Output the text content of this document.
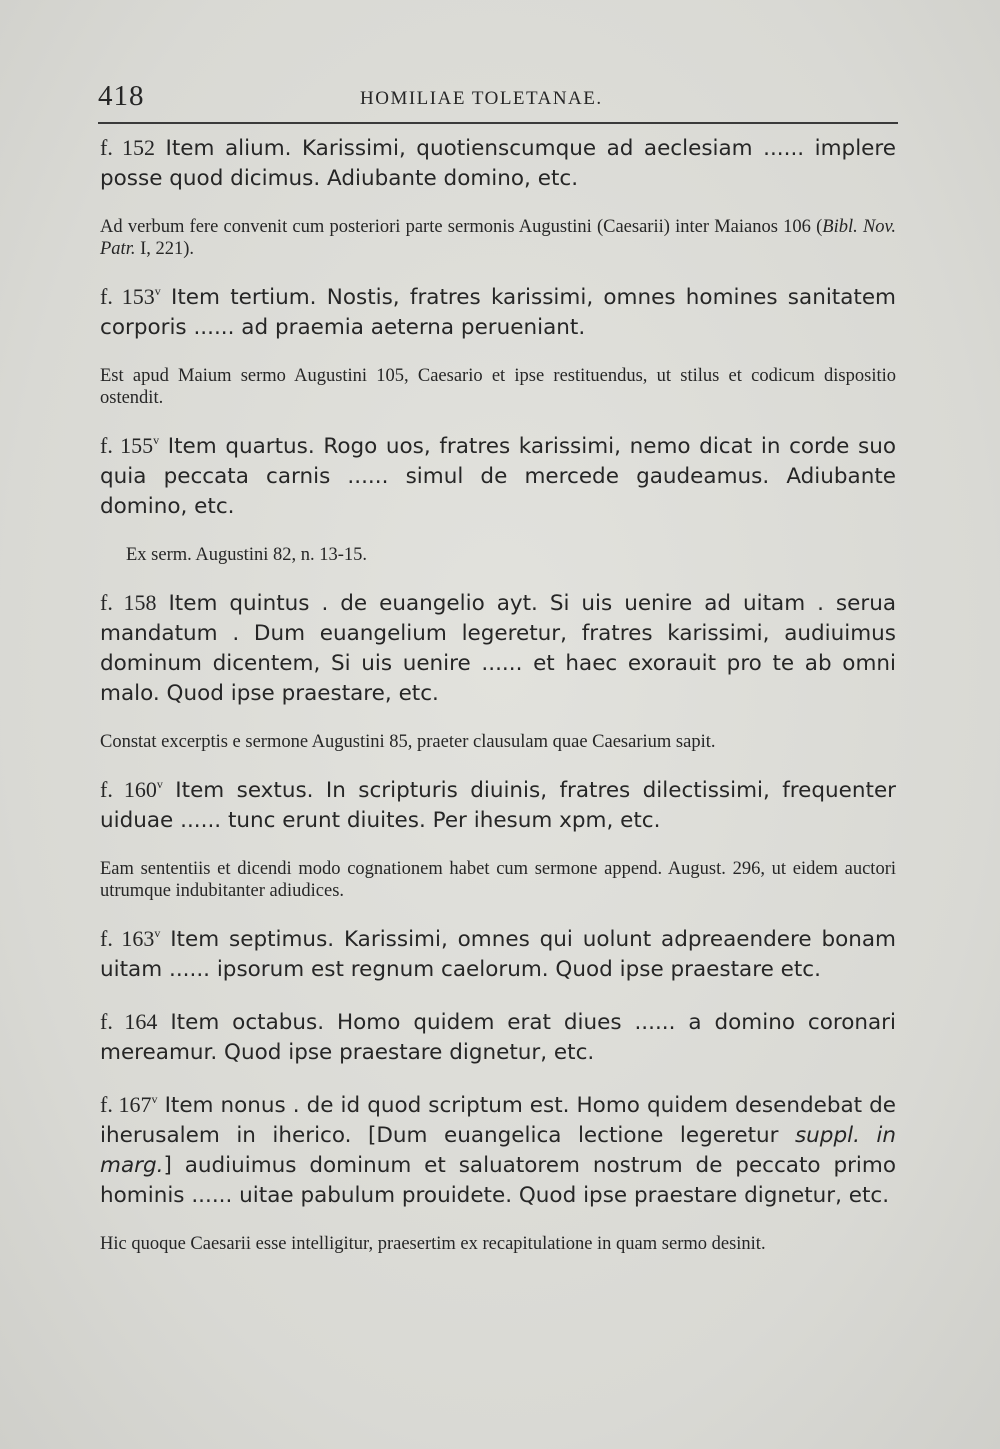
418	HOMILIAE TOLETANAE.

f. 152 Item alium. Karissimi, quotienscumque ad aeclesiam ...... implere posse quod dicimus. Adiubante domino, etc.

Ad verbum fere convenit cum posteriori parte sermonis Augustini (Caesarii) inter Maianos 106 (Bibl. Nov. Patr. I, 221).

f. 153$^v$ Item tertium. Nostis, fratres karissimi, omnes homines sanitatem corporis ...... ad praemia aeterna perueniant.

Est apud Maium sermo Augustini 105, Caesario et ipse restituendus, ut stilus et codicum dispositio ostendit.

f. 155$^v$ Item quartus. Rogo uos, fratres karissimi, nemo dicat in corde suo quia peccata carnis ...... simul de mercede gaudeamus. Adiubante domino, etc.

Ex serm. Augustini 82, n. 13-15.

f. 158 Item quintus . de euangelio ayt. Si uis uenire ad uitam . serua mandatum . Dum euangelium legeretur, fratres karissimi, audiuimus dominum dicentem, Si uis uenire ...... et haec exorauit pro te ab omni malo. Quod ipse praestare, etc.

Constat excerptis e sermone Augustini 85, praeter clausulam quae Caesarium sapit.

f. 160$^v$ Item sextus. In scripturis diuinis, fratres dilectissimi, frequenter uiduae ...... tunc erunt diuites. Per ihesum xpm, etc.

Eam sententiis et dicendi modo cognationem habet cum sermone append. August. 296, ut eidem auctori utrumque indubitanter adiudices.

f. 163$^v$ Item septimus. Karissimi, omnes qui uolunt adpreaendere bonam uitam ...... ipsorum est regnum caelorum. Quod ipse praestare etc.

f. 164 Item octabus. Homo quidem erat diues ...... a domino coronari mereamur. Quod ipse praestare dignetur, etc.

f. 167$^v$ Item nonus . de id quod scriptum est. Homo quidem desendebat de iherusalem in iherico. [Dum euangelica lectione legeretur suppl. in marg.] audiuimus dominum et saluatorem nostrum de peccato primo hominis ...... uitae pabulum prouidete. Quod ipse praestare dignetur, etc.

Hic quoque Caesarii esse intelligitur, praesertim ex recapitulatione in quam sermo desinit.
